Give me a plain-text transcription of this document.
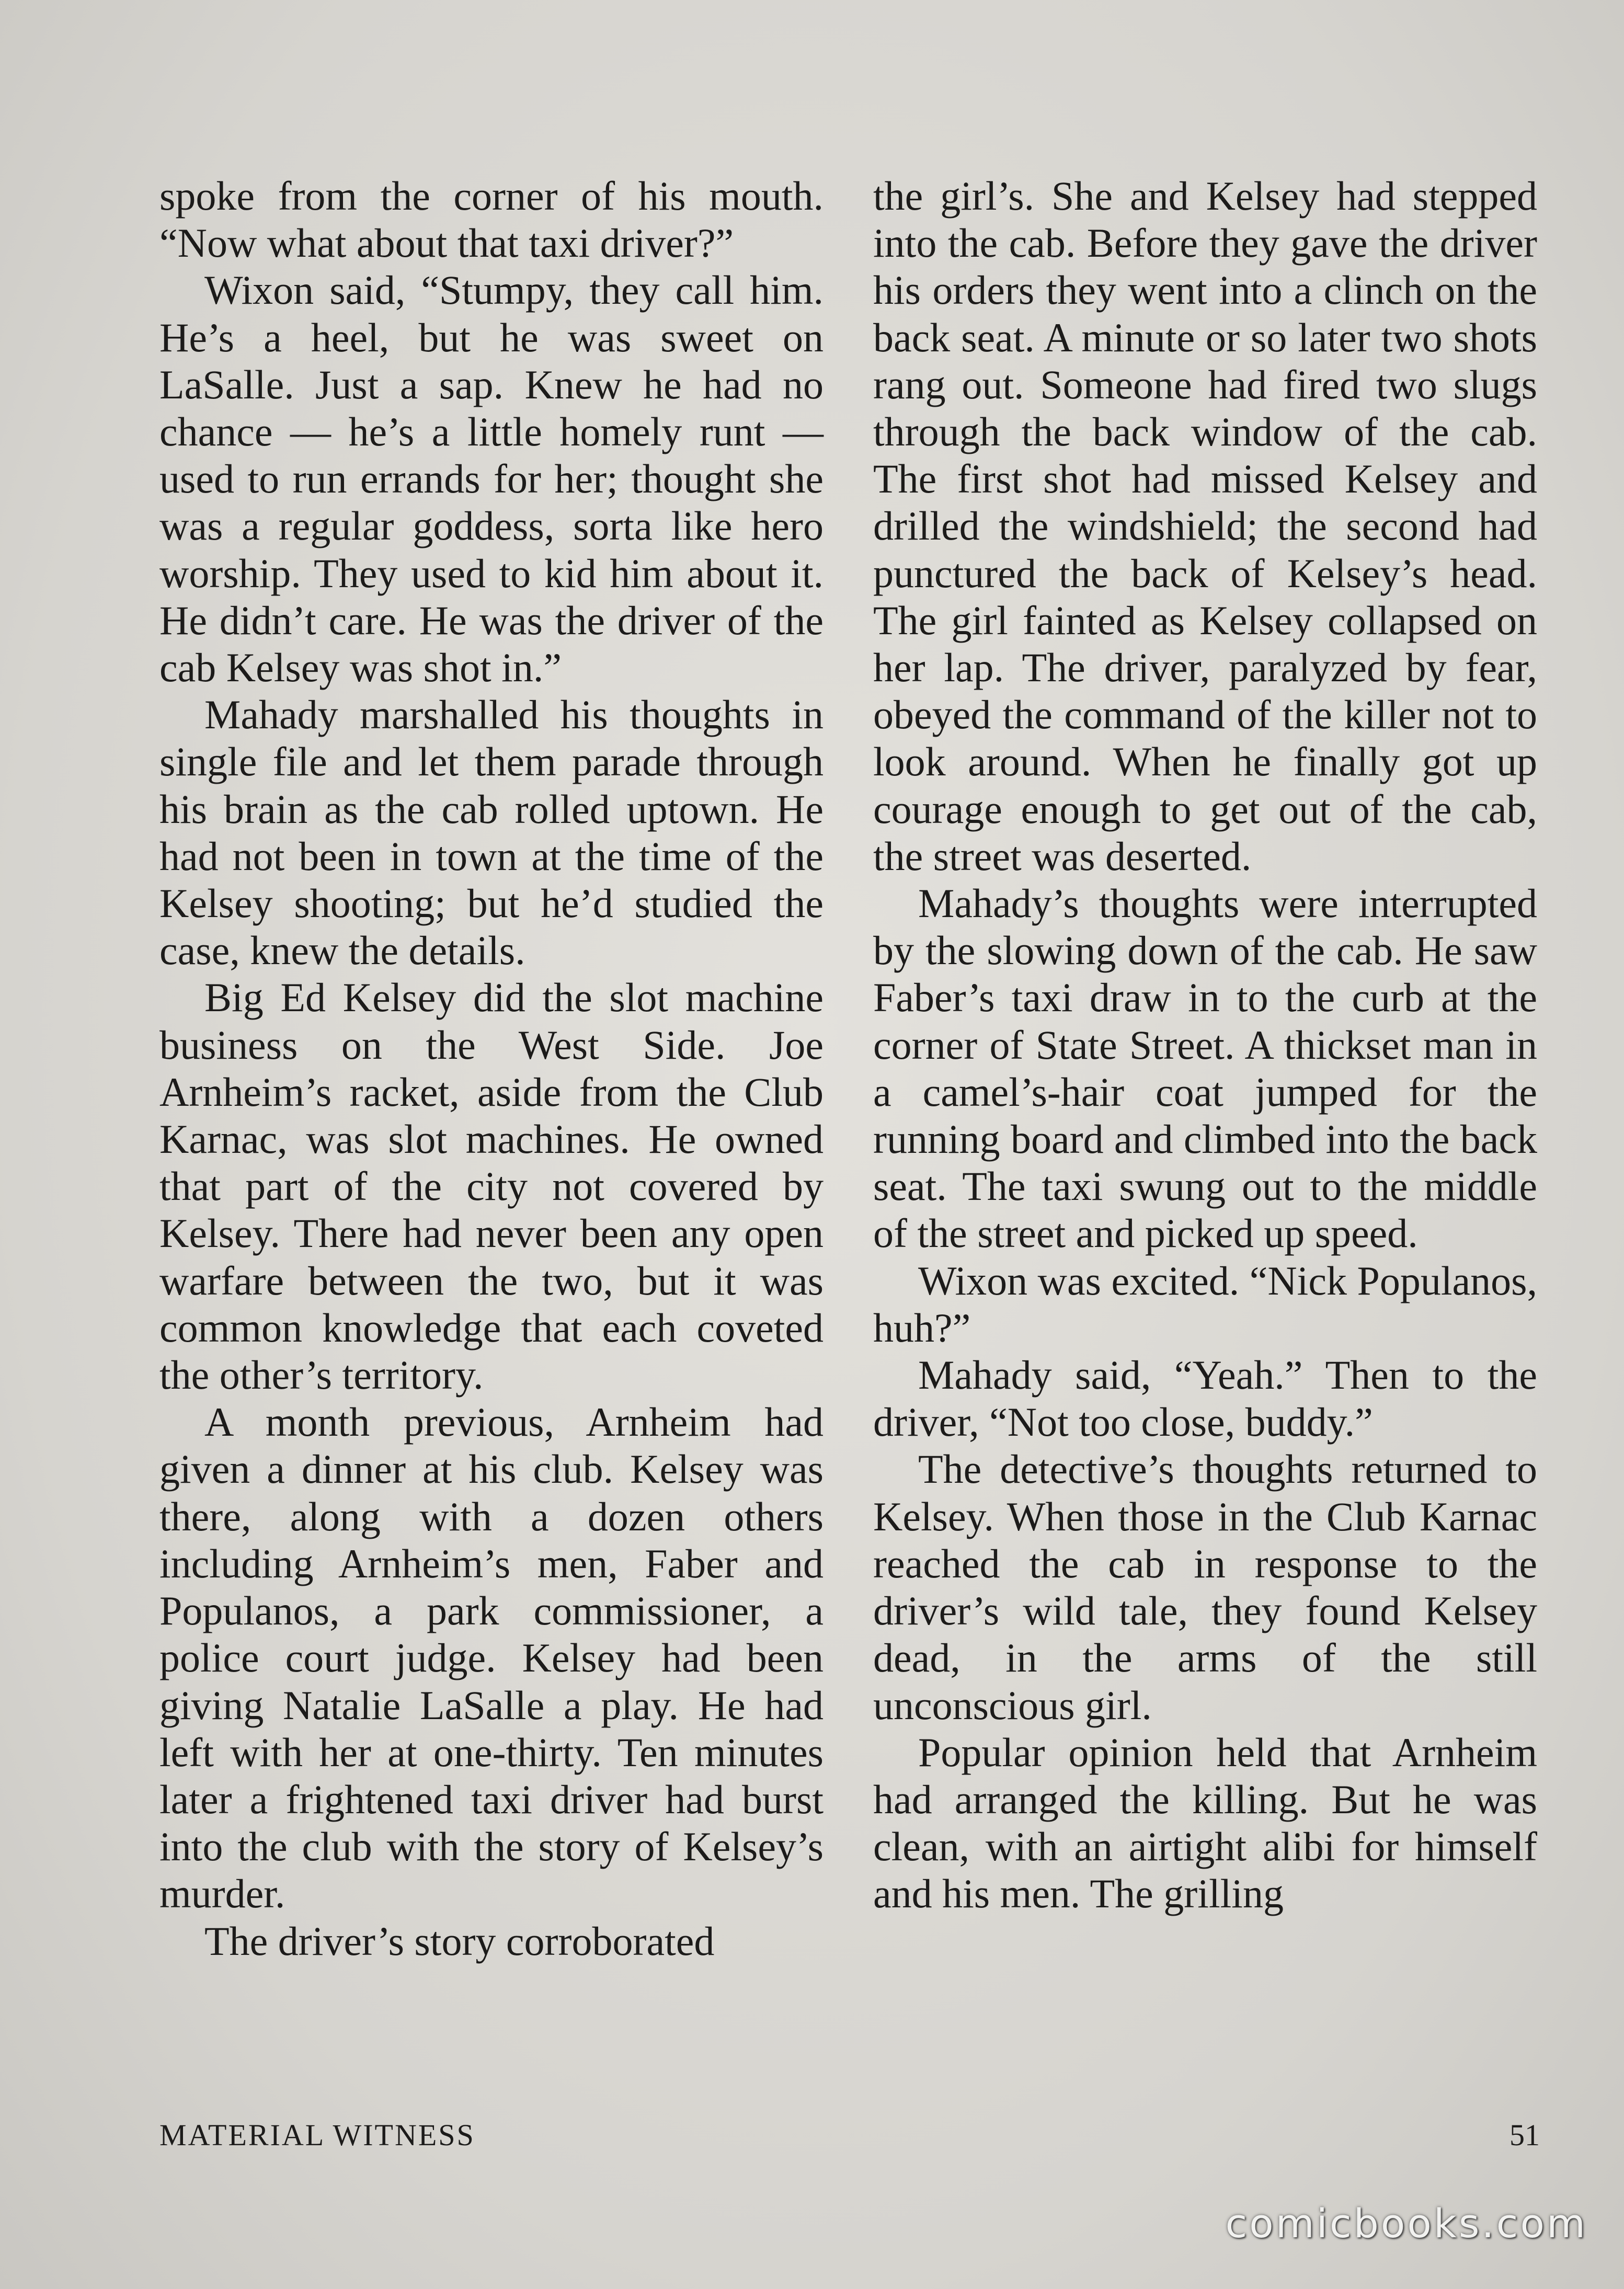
spoke from the corner of his mouth. “Now what about that taxi driver?”

Wixon said, “Stumpy, they call him. He’s a heel, but he was sweet on LaSalle. Just a sap. Knew he had no chance — he’s a little homely runt — used to run errands for her; thought she was a regular goddess, sorta like hero worship. They used to kid him about it. He didn’t care. He was the driver of the cab Kelsey was shot in.”

Mahady marshalled his thoughts in single file and let them parade through his brain as the cab rolled uptown. He had not been in town at the time of the Kelsey shooting; but he’d studied the case, knew the details.

Big Ed Kelsey did the slot machine business on the West Side. Joe Arnheim’s racket, aside from the Club Karnac, was slot machines. He owned that part of the city not covered by Kelsey. There had never been any open warfare between the two, but it was common knowledge that each coveted the other’s territory.

A month previous, Arnheim had given a dinner at his club. Kelsey was there, along with a dozen others including Arnheim’s men, Faber and Populanos, a park commissioner, a police court judge. Kelsey had been giving Natalie LaSalle a play. He had left with her at one-thirty. Ten minutes later a frightened taxi driver had burst into the club with the story of Kelsey’s murder.

The driver’s story corroborated

the girl’s. She and Kelsey had stepped into the cab. Before they gave the driver his orders they went into a clinch on the back seat. A minute or so later two shots rang out. Someone had fired two slugs through the back window of the cab. The first shot had missed Kelsey and drilled the windshield; the second had punctured the back of Kelsey’s head. The girl fainted as Kelsey collapsed on her lap. The driver, paralyzed by fear, obeyed the command of the killer not to look around. When he finally got up courage enough to get out of the cab, the street was deserted.

Mahady’s thoughts were interrupted by the slowing down of the cab. He saw Faber’s taxi draw in to the curb at the corner of State Street. A thickset man in a camel’s-hair coat jumped for the running board and climbed into the back seat. The taxi swung out to the middle of the street and picked up speed.

Wixon was excited. “Nick Populanos, huh?”

Mahady said, “Yeah.” Then to the driver, “Not too close, buddy.”

The detective’s thoughts returned to Kelsey. When those in the Club Karnac reached the cab in response to the driver’s wild tale, they found Kelsey dead, in the arms of the still unconscious girl.

Popular opinion held that Arnheim had arranged the killing. But he was clean, with an airtight alibi for himself and his men. The grilling

MATERIAL WITNESS	51
comicbooks.com
